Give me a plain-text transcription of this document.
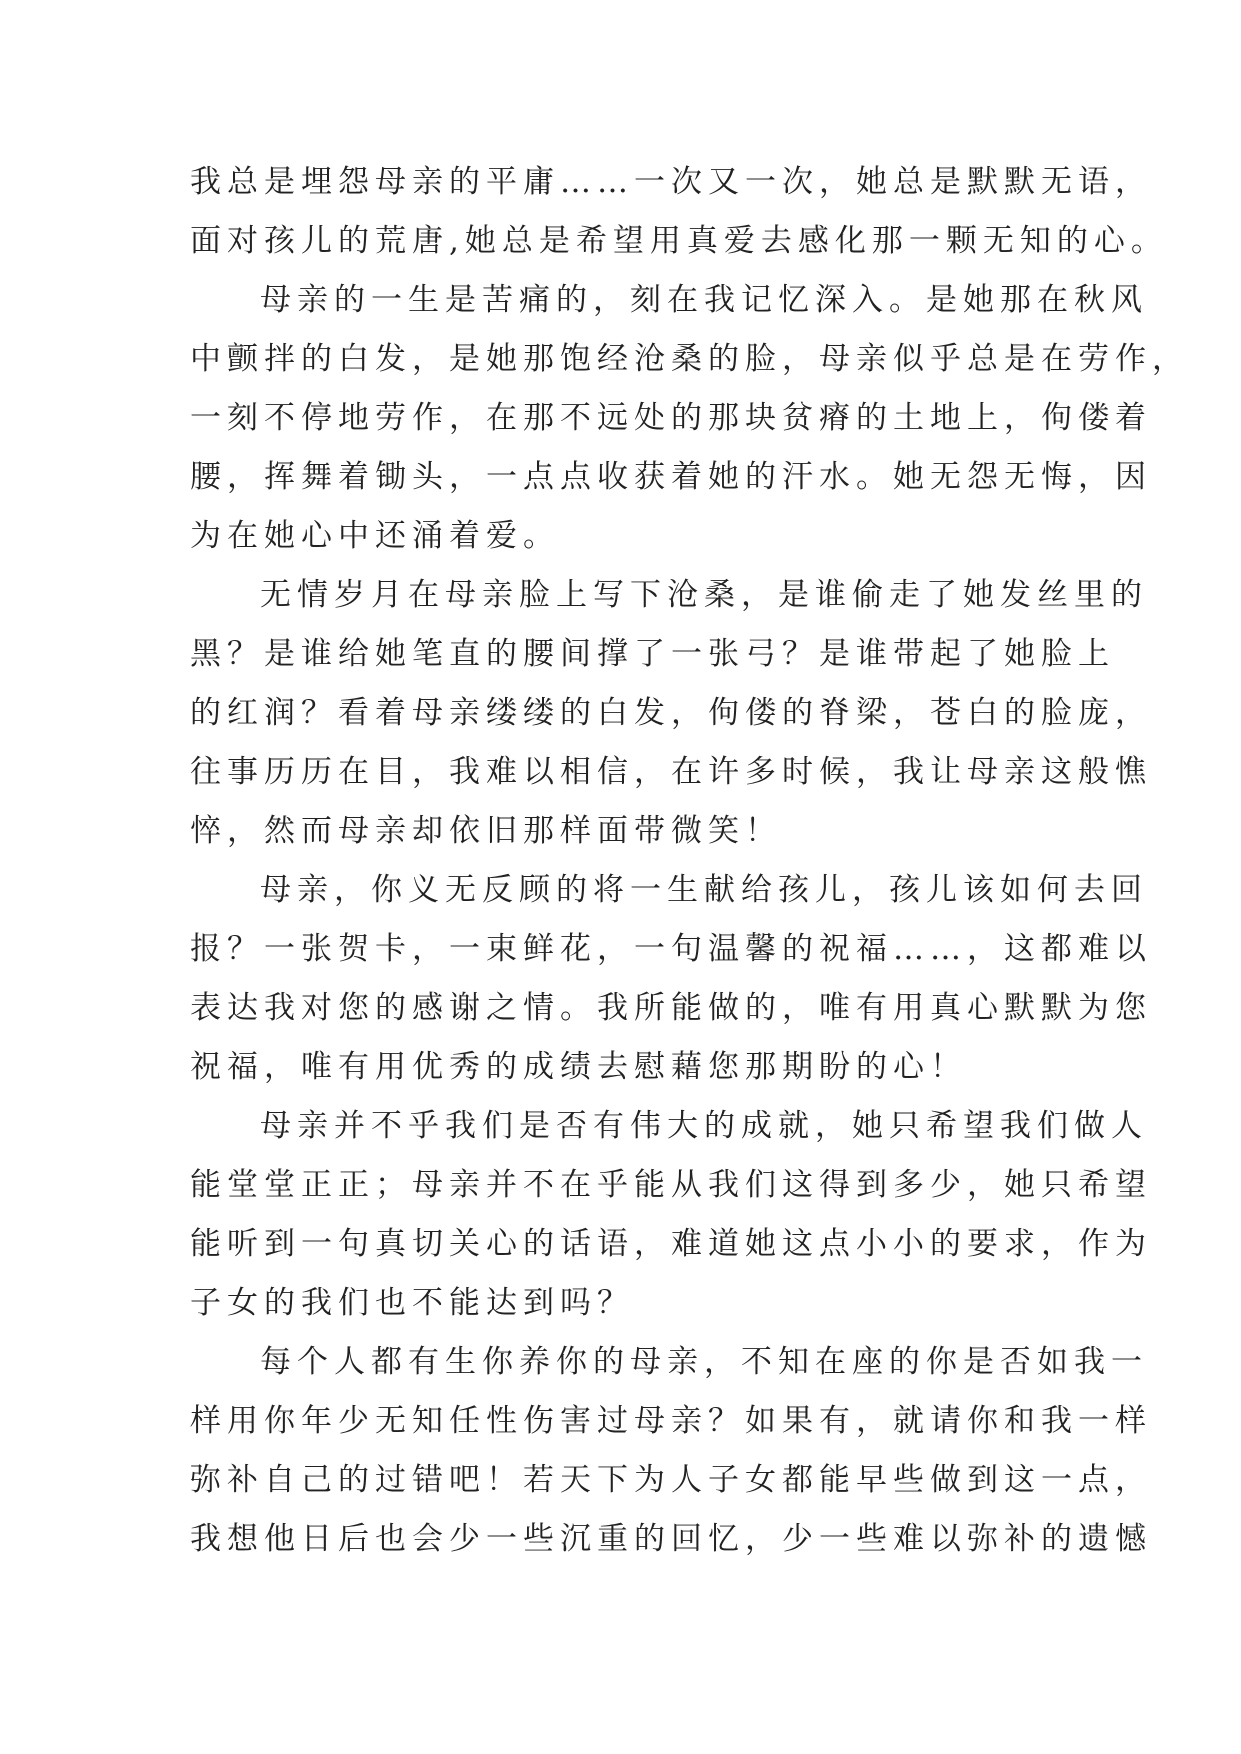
我总是埋怨母亲的平庸……一次又一次，她总是默默无语，
面对孩儿的荒唐,她总是希望用真爱去感化那一颗无知的心。
母亲的一生是苦痛的，刻在我记忆深入。是她那在秋风
中颤拌的白发，是她那饱经沧桑的脸，母亲似乎总是在劳作，
一刻不停地劳作，在那不远处的那块贫瘠的土地上，佝偻着
腰，挥舞着锄头，一点点收获着她的汗水。她无怨无悔，因
为在她心中还涌着爱。
无情岁月在母亲脸上写下沧桑，是谁偷走了她发丝里的
黑？是谁给她笔直的腰间撑了一张弓？是谁带起了她脸上
的红润？看着母亲缕缕的白发，佝偻的脊梁，苍白的脸庞，
往事历历在目，我难以相信，在许多时候，我让母亲这般憔
悴，然而母亲却依旧那样面带微笑！
母亲，你义无反顾的将一生献给孩儿，孩儿该如何去回
报？一张贺卡，一束鲜花，一句温馨的祝福……，这都难以
表达我对您的感谢之情。我所能做的，唯有用真心默默为您
祝福，唯有用优秀的成绩去慰藉您那期盼的心！
母亲并不乎我们是否有伟大的成就，她只希望我们做人
能堂堂正正；母亲并不在乎能从我们这得到多少，她只希望
能听到一句真切关心的话语，难道她这点小小的要求，作为
子女的我们也不能达到吗？
每个人都有生你养你的母亲，不知在座的你是否如我一
样用你年少无知任性伤害过母亲？如果有，就请你和我一样
弥补自己的过错吧！若天下为人子女都能早些做到这一点，
我想他日后也会少一些沉重的回忆，少一些难以弥补的遗憾
